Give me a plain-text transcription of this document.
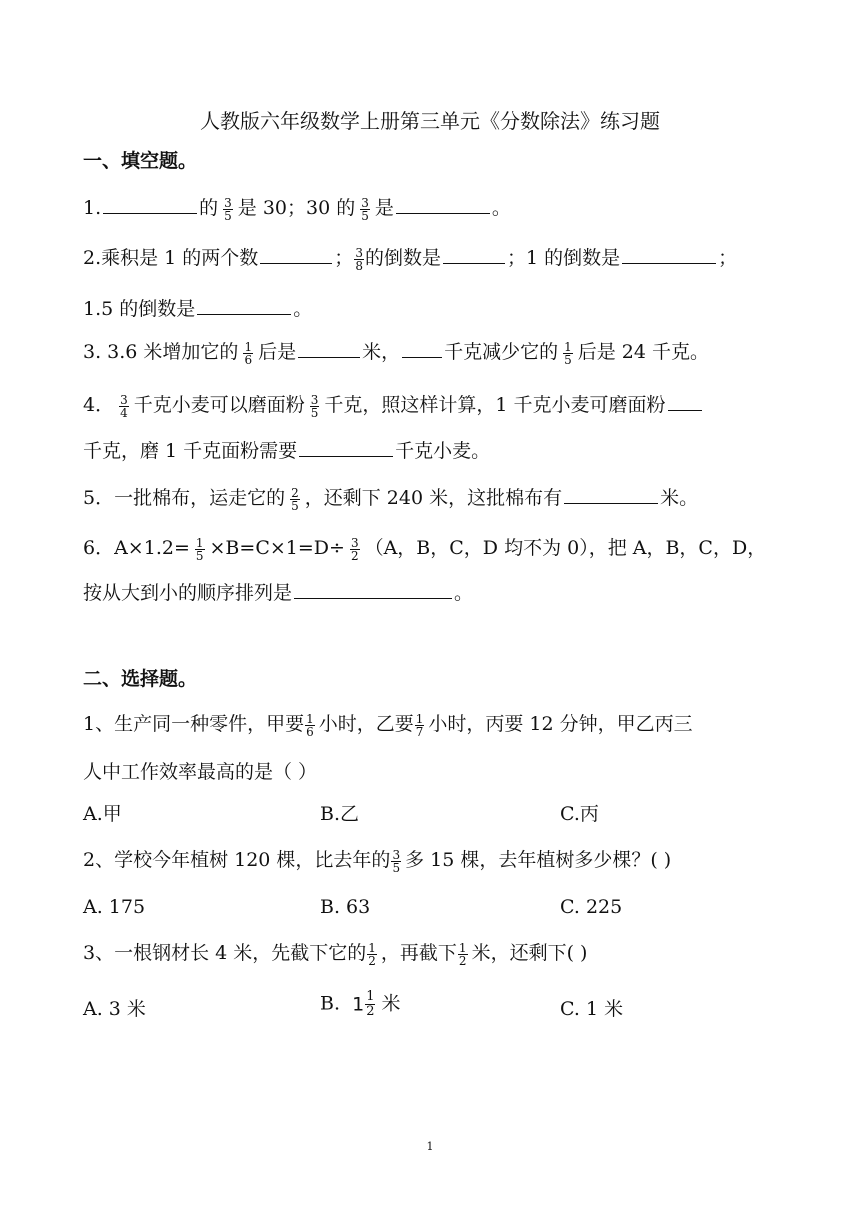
人教版六年级数学上册第三单元《分数除法》练习题
一、填空题。
1.	的 $\frac{3}{5}$ 是 30；30 的 $\frac{3}{5}$ 是	。
2.乘积是 1 的两个数	； $\frac{3}{8}$ 的倒数是	；1 的倒数是	；
1.5 的倒数是	。
3. 3.6 米增加它的 $\frac{1}{6}$ 后是	米， 千克减少它的 $\frac{1}{5}$ 后是 24 千克。
4． $\frac{3}{4}$ 千克小麦可以磨面粉 $\frac{3}{5}$ 千克，照这样计算，1 千克小麦可磨面粉
千克，磨 1 千克面粉需要	千克小麦。
5．一批棉布，运走它的 $\frac{2}{5}$ ，还剩下 240 米，这批棉布有	米。
6．$A\times 1.2= \frac{1}{5} \times B=C\times 1=D\div \frac{3}{2} (A$，B，C，D 均不为 0），把 A，B，C，D，
按从大到小的顺序排列是	。
二、选择题。
1、生产同一种零件，甲要 $\frac{1}{6}$ 小时，乙要 $\frac{1}{7}$ 小时，丙要 12 分钟，甲乙丙三
人中工作效率最高的是（ ）
A.甲	B.乙	C.丙
2、学校今年植树 120 棵，比去年的 $\frac{3}{5}$ 多 15 棵，去年植树多少棵？( )
A. 175	B. 63	C. 225
3、一根钢材长 4 米，先截下它的 $\frac{1}{2}$ ，再截下 $\frac{1}{2}$ 米，还剩下( )
A. 3 米	B. $1 \frac{1}{2}$ 米	C. 1 米
1
